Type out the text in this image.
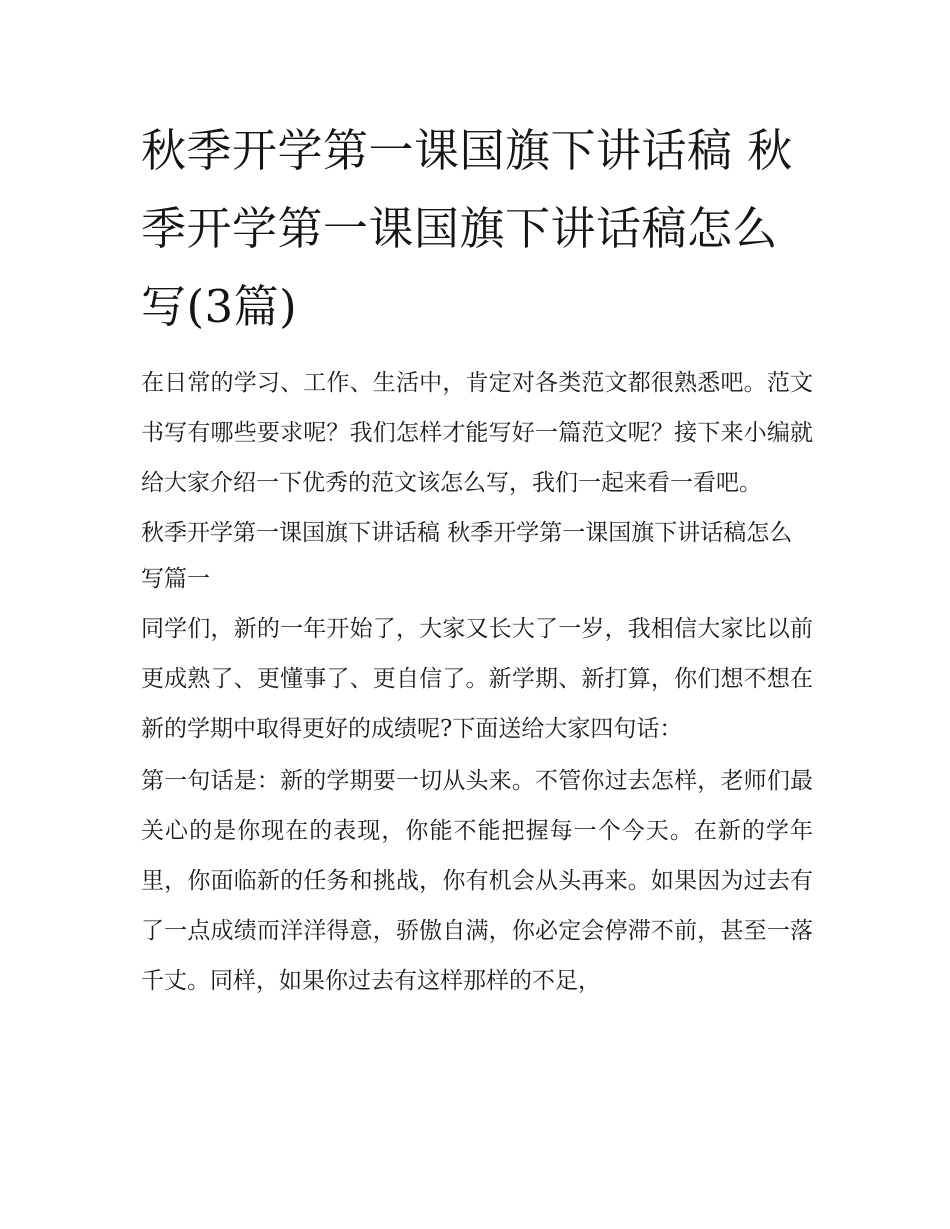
秋季开学第一课国旗下讲话稿 秋季开学第一课国旗下讲话稿怎么写(3篇)

在日常的学习、工作、生活中，肯定对各类范文都很熟悉吧。范文书写有哪些要求呢？我们怎样才能写好一篇范文呢？接下来小编就给大家介绍一下优秀的范文该怎么写，我们一起来看一看吧。

秋季开学第一课国旗下讲话稿 秋季开学第一课国旗下讲话稿怎么写篇一

同学们，新的一年开始了，大家又长大了一岁，我相信大家比以前更成熟了、更懂事了、更自信了。新学期、新打算，你们想不想在新的学期中取得更好的成绩呢?下面送给大家四句话：

第一句话是：新的学期要一切从头来。不管你过去怎样，老师们最关心的是你现在的表现，你能不能把握每一个今天。在新的学年里，你面临新的任务和挑战，你有机会从头再来。如果因为过去有了一点成绩而洋洋得意，骄傲自满，你必定会停滞不前，甚至一落千丈。同样，如果你过去有这样那样的不足，
